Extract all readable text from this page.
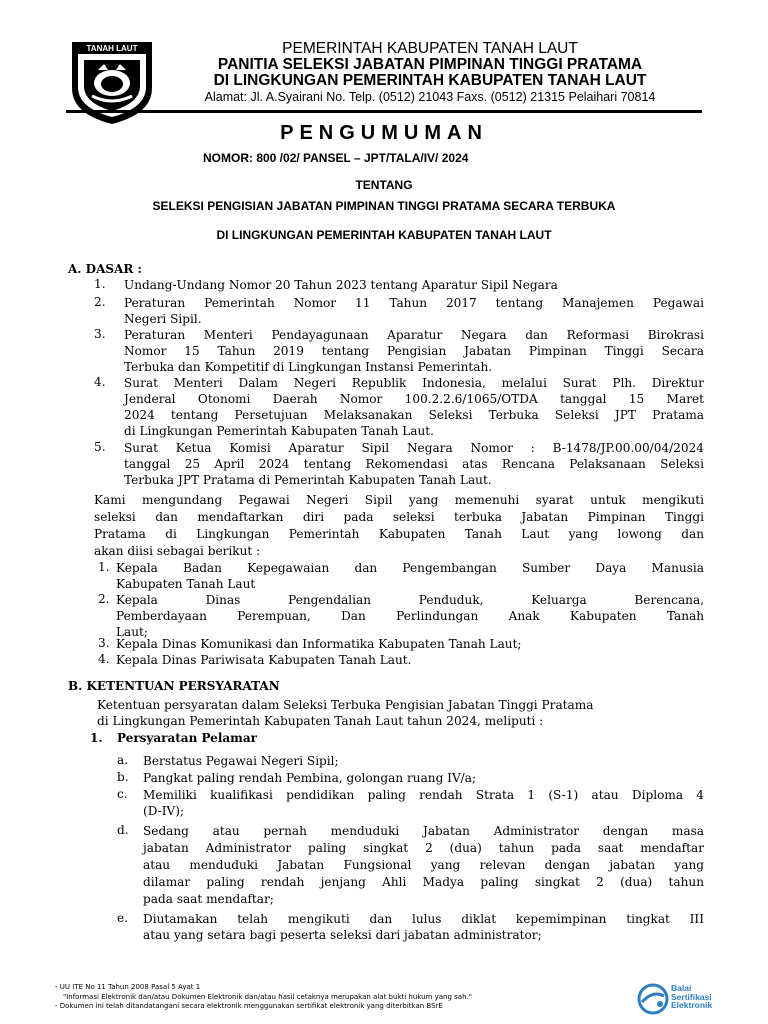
TANAH LAUT	PEMERINTAH KABUPATEN TANAH LAUT
PANITIA SELEKSI JABATAN PIMPINAN TINGGI PRATAMA
DI LINGKUNGAN PEMERINTAH KABUPATEN TANAH LAUT
Alamat: Jl. A.Syairani No. Telp. (0512) 21043 Faxs. (0512) 21315 Pelaihari 70814
PENGUMUMAN
NOMOR: 800 /02/ PANSEL – JPT/TALA/IV/ 2024
TENTANG
SELEKSI PENGISIAN JABATAN PIMPINAN TINGGI PRATAMA SECARA TERBUKA
DI LINGKUNGAN PEMERINTAH KABUPATEN TANAH LAUT
A. DASAR :
1. Undang-Undang Nomor 20 Tahun 2023 tentang Aparatur Sipil Negara
2. Peraturan Pemerintah Nomor 11 Tahun 2017 tentang Manajemen Pegawai
Negeri Sipil.
3. Peraturan Menteri Pendayagunaan Aparatur Negara dan Reformasi Birokrasi
Nomor 15 Tahun 2019 tentang Pengisian Jabatan Pimpinan Tinggi Secara
Terbuka dan Kompetitif di Lingkungan Instansi Pemerintah.
4. Surat Menteri Dalam Negeri Republik Indonesia, melalui Surat Plh. Direktur
Jenderal Otonomi Daerah Nomor 100.2.2.6/1065/OTDA tanggal 15 Maret
2024 tentang Persetujuan Melaksanakan Seleksi Terbuka Seleksi JPT Pratama
di Lingkungan Pemerintah Kabupaten Tanah Laut.
5. Surat Ketua Komisi Aparatur Sipil Negara Nomor : B-1478/JP.00.00/04/2024
tanggal 25 April 2024 tentang Rekomendasi atas Rencana Pelaksanaan Seleksi
Terbuka JPT Pratama di Pemerintah Kabupaten Tanah Laut.
Kami mengundang Pegawai Negeri Sipil yang memenuhi syarat untuk mengikuti
seleksi dan mendaftarkan diri pada seleksi terbuka Jabatan Pimpinan Tinggi
Pratama di Lingkungan Pemerintah Kabupaten Tanah Laut yang lowong dan
akan diisi sebagai berikut :
1. Kepala Badan Kepegawaian dan Pengembangan Sumber Daya Manusia
Kabupaten Tanah Laut
2. Kepala Dinas Pengendalian Penduduk, Keluarga Berencana,
Pemberdayaan Perempuan, Dan Perlindungan Anak Kabupaten Tanah
Laut;
3. Kepala Dinas Komunikasi dan Informatika Kabupaten Tanah Laut;
4. Kepala Dinas Pariwisata Kabupaten Tanah Laut.
B. KETENTUAN PERSYARATAN
Ketentuan persyaratan dalam Seleksi Terbuka Pengisian Jabatan Tinggi Pratama
di Lingkungan Pemerintah Kabupaten Tanah Laut tahun 2024, meliputi :
1. Persyaratan Pelamar
a. Berstatus Pegawai Negeri Sipil;
b. Pangkat paling rendah Pembina, golongan ruang IV/a;
c. Memiliki kualifikasi pendidikan paling rendah Strata 1 (S-1) atau Diploma 4
(D-IV);
d. Sedang atau pernah menduduki Jabatan Administrator dengan masa
jabatan Administrator paling singkat 2 (dua) tahun pada saat mendaftar
atau menduduki Jabatan Fungsional yang relevan dengan jabatan yang
dilamar paling rendah jenjang Ahli Madya paling singkat 2 (dua) tahun
pada saat mendaftar;
e. Diutamakan telah mengikuti dan lulus diklat kepemimpinan tingkat III
atau yang setara bagi peserta seleksi dari jabatan administrator;
- UU ITE No 11 Tahun 2008 Pasal 5 Ayat 1
"Informasi Elektronik dan/atau Dokumen Elektronik dan/atau hasil cetaknya merupakan alat bukti hukum yang sah."
- Dokumen ini telah ditandatangani secara elektronik menggunakan sertifikat elektronik yang diterbitkan BSrE
Balai
Sertifikasi
Elektronik
